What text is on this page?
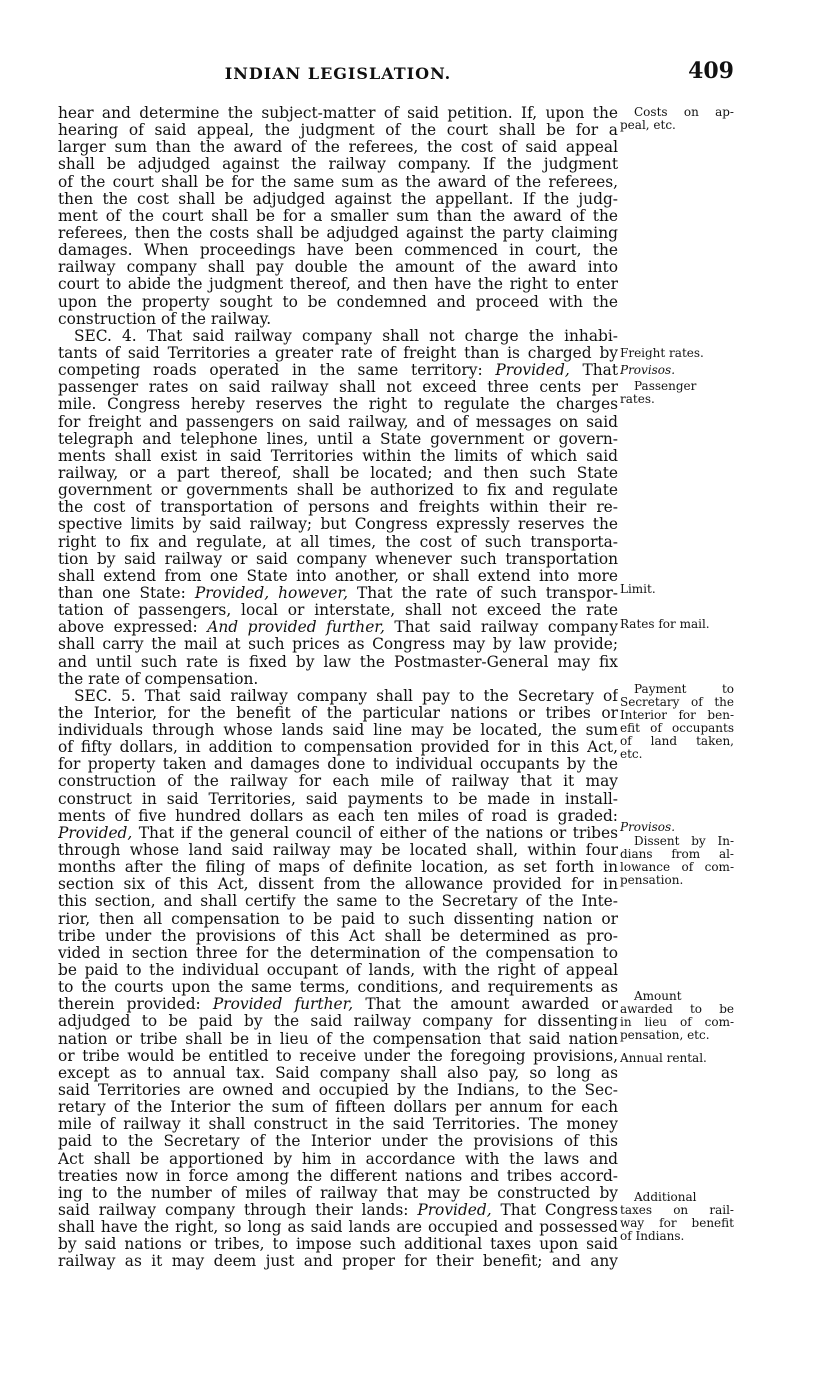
INDIAN LEGISLATION.	409
hear and determine the subject-matter of said petition. If, upon the
hearing of said appeal, the judgment of the court shall be for a
larger sum than the award of the referees, the cost of said appeal
shall be adjudged against the railway company. If the judgment
of the court shall be for the same sum as the award of the referees,
then the cost shall be adjudged against the appellant. If the judg-
ment of the court shall be for a smaller sum than the award of the
referees, then the costs shall be adjudged against the party claiming
damages. When proceedings have been commenced in court, the
railway company shall pay double the amount of the award into
court to abide the judgment thereof, and then have the right to enter
upon the property sought to be condemned and proceed with the
construction of the railway.
SEC. 4. That said railway company shall not charge the inhabi-
tants of said Territories a greater rate of freight than is charged by
competing roads operated in the same territory: Provided, That
passenger rates on said railway shall not exceed three cents per
mile. Congress hereby reserves the right to regulate the charges
for freight and passengers on said railway, and of messages on said
telegraph and telephone lines, until a State government or govern-
ments shall exist in said Territories within the limits of which said
railway, or a part thereof, shall be located; and then such State
government or governments shall be authorized to fix and regulate
the cost of transportation of persons and freights within their re-
spective limits by said railway; but Congress expressly reserves the
right to fix and regulate, at all times, the cost of such transporta-
tion by said railway or said company whenever such transportation
shall extend from one State into another, or shall extend into more
than one State: Provided, however, That the rate of such transpor-
tation of passengers, local or interstate, shall not exceed the rate
above expressed: And provided further, That said railway company
shall carry the mail at such prices as Congress may by law provide;
and until such rate is fixed by law the Postmaster-General may fix
the rate of compensation.
SEC. 5. That said railway company shall pay to the Secretary of
the Interior, for the benefit of the particular nations or tribes or
individuals through whose lands said line may be located, the sum
of fifty dollars, in addition to compensation provided for in this Act,
for property taken and damages done to individual occupants by the
construction of the railway for each mile of railway that it may
construct in said Territories, said payments to be made in install-
ments of five hundred dollars as each ten miles of road is graded:
Provided, That if the general council of either of the nations or tribes
through whose land said railway may be located shall, within four
months after the filing of maps of definite location, as set forth in
section six of this Act, dissent from the allowance provided for in
this section, and shall certify the same to the Secretary of the Inte-
rior, then all compensation to be paid to such dissenting nation or
tribe under the provisions of this Act shall be determined as pro-
vided in section three for the determination of the compensation to
be paid to the individual occupant of lands, with the right of appeal
to the courts upon the same terms, conditions, and requirements as
therein provided: Provided further, That the amount awarded or
adjudged to be paid by the said railway company for dissenting
nation or tribe shall be in lieu of the compensation that said nation
or tribe would be entitled to receive under the foregoing provisions,
except as to annual tax. Said company shall also pay, so long as
said Territories are owned and occupied by the Indians, to the Sec-
retary of the Interior the sum of fifteen dollars per annum for each
mile of railway it shall construct in the said Territories. The money
paid to the Secretary of the Interior under the provisions of this
Act shall be apportioned by him in accordance with the laws and
treaties now in force among the different nations and tribes accord-
ing to the number of miles of railway that may be constructed by
said railway company through their lands: Provided, That Congress
shall have the right, so long as said lands are occupied and possessed
by said nations or tribes, to impose such additional taxes upon said
railway as it may deem just and proper for their benefit; and any
Costs on ap-
peal, etc.
Freight rates.
Provisos.
Passenger
rates.
Limit.
Rates for mail.
Payment to
Secretary of the
Interior for ben-
efit of occupants
of land taken,
etc.
Provisos.
Dissent by In-
dians from al-
lowance of com-
pensation.
Amount
awarded to be
in lieu of com-
pensation, etc.
Annual rental.
Additional
taxes on rail-
way for benefit
of Indians.
